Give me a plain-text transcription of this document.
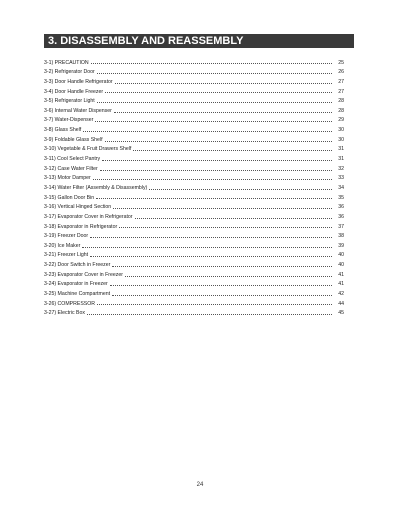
3. DISASSEMBLY AND REASSEMBLY
3-1) PRECAUTION	25
3-2) Refrigerator Door	26
3-3) Door Handle Refrigerator	27
3-4) Door Handle Freezer	27
3-5) Refrigerator Light	28
3-6) Internal Water Dispenser	28
3-7) Water-Dispenser	29
3-8) Glass Shelf	30
3-9) Foldable Glass Shelf	30
3-10) Vegetable & Fruit Drawers Shelf	31
3-11) Cool Select Pantry	31
3-12) Case Water Filter	32
3-13) Motor Damper	33
3-14) Water Filter (Assembly & Disassembly)	34
3-15) Gallon Door Bin	35
3-16) Vertical Hinged Section	36
3-17) Evaporator Cover in Refrigerator	36
3-18) Evaporator in Refrigerator	37
3-19) Freezer Door	38
3-20) Ice Maker	39
3-21) Freezer Light	40
3-22) Door Switch in Freezer	40
3-23) Evaporator Cover in Freezer	41
3-24) Evaporator in Freezer	41
3-25) Machine Compartment	42
3-26) COMPRESSOR	44
3-27) Electric Box	45
24
